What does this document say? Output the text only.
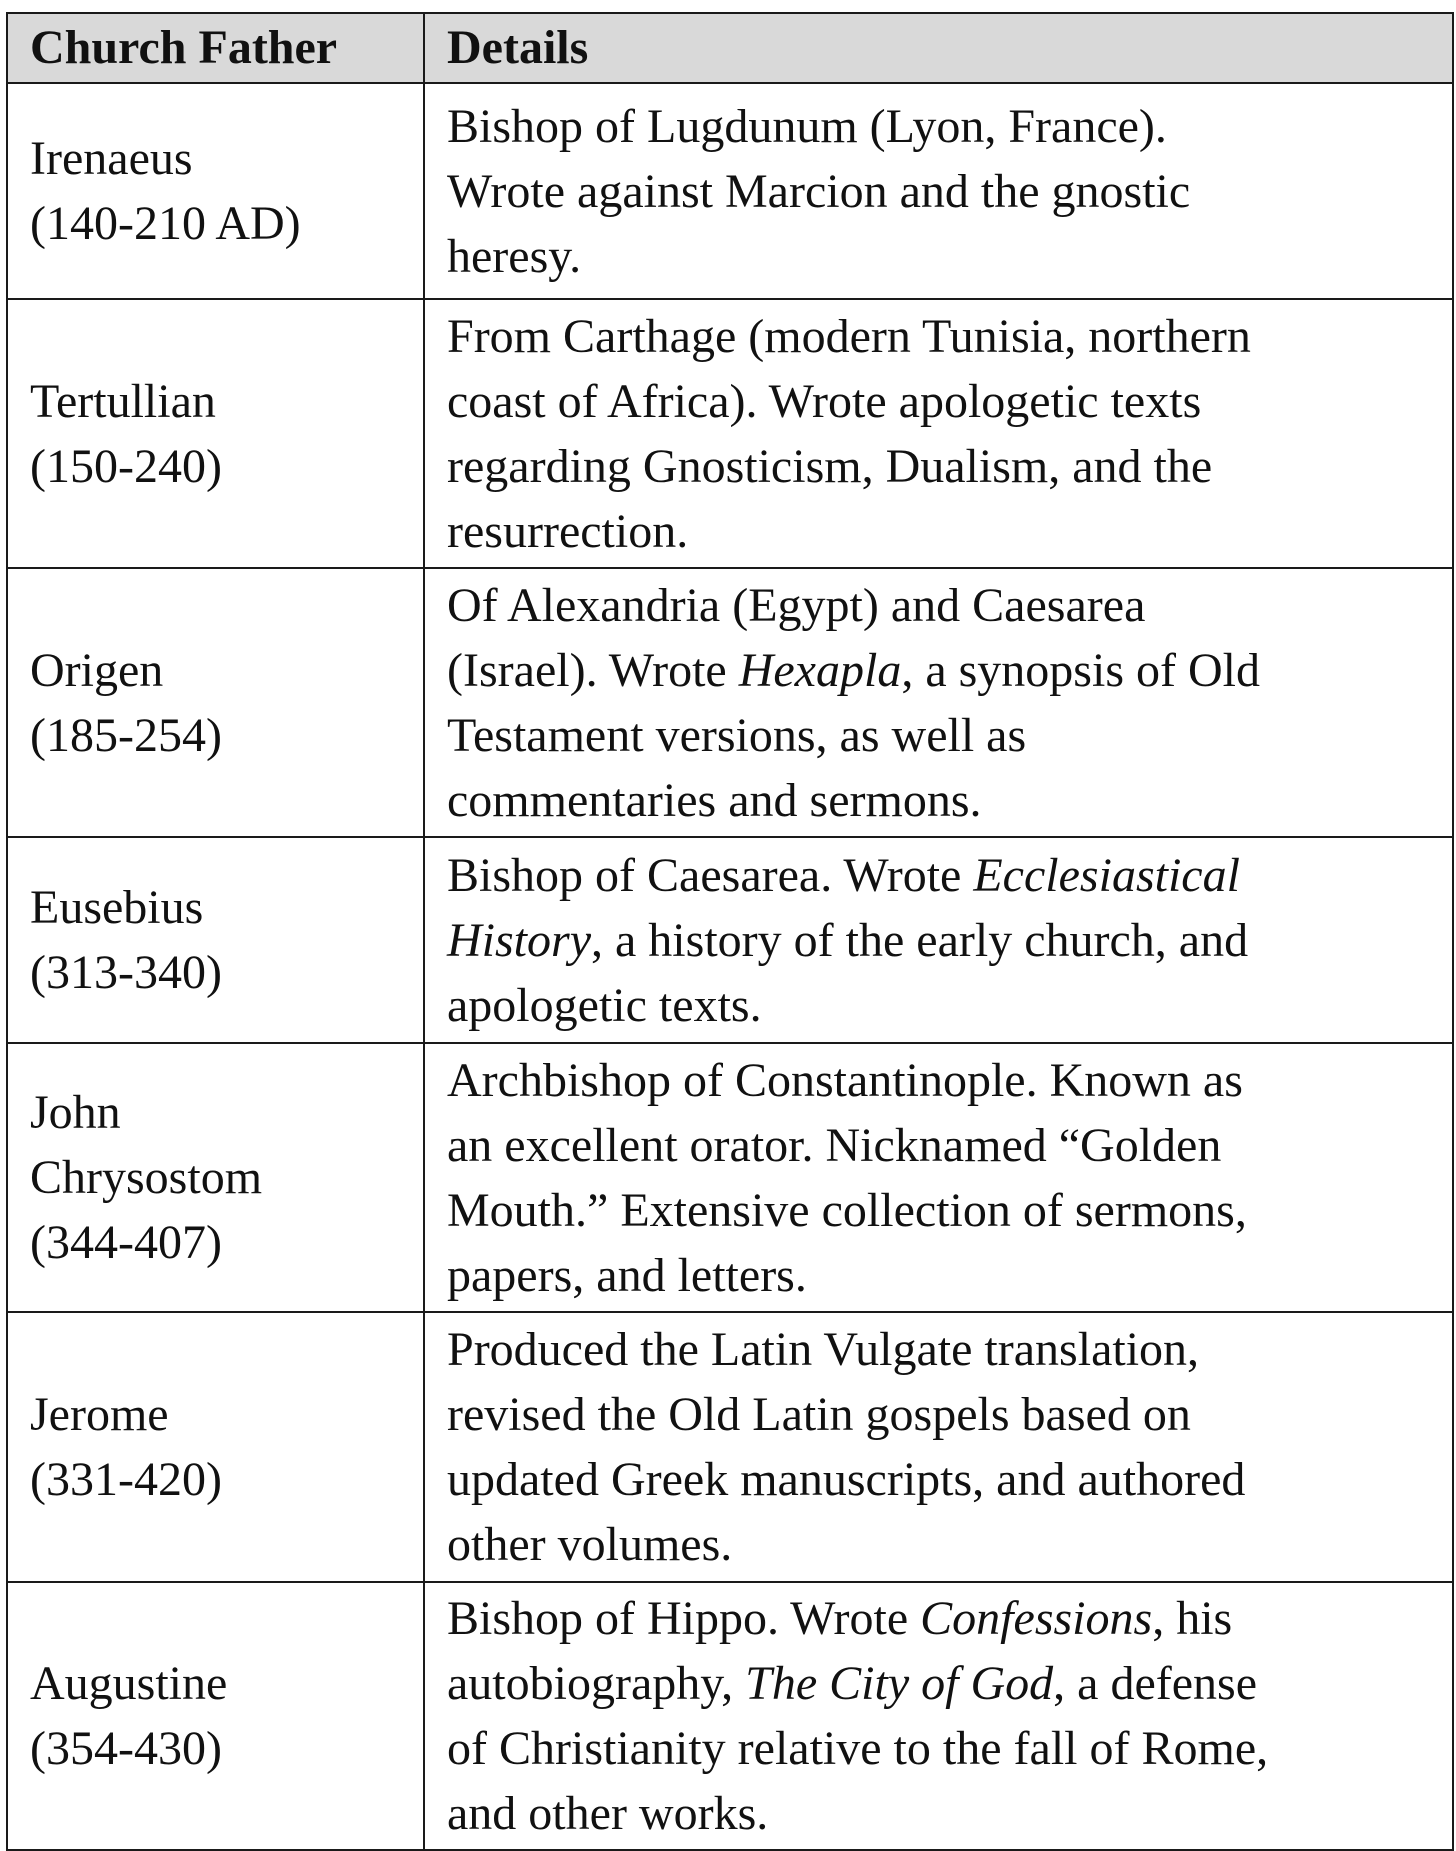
Church Father	Details

Irenaeus
(140-210 AD)	Bishop of Lugdunum (Lyon, France).
Wrote against Marcion and the gnostic
heresy.

Tertullian
(150-240)	From Carthage (modern Tunisia, northern
coast of Africa). Wrote apologetic texts
regarding Gnosticism, Dualism, and the
resurrection.

Origen
(185-254)	Of Alexandria (Egypt) and Caesarea
(Israel). Wrote Hexapla, a synopsis of Old
Testament versions, as well as
commentaries and sermons.

Eusebius
(313-340)	Bishop of Caesarea. Wrote Ecclesiastical
History, a history of the early church, and
apologetic texts.

John
Chrysostom
(344-407)	Archbishop of Constantinople. Known as
an excellent orator. Nicknamed “Golden
Mouth.” Extensive collection of sermons,
papers, and letters.

Jerome
(331-420)	Produced the Latin Vulgate translation,
revised the Old Latin gospels based on
updated Greek manuscripts, and authored
other volumes.

Augustine
(354-430)	Bishop of Hippo. Wrote Confessions, his
autobiography, The City of God, a defense
of Christianity relative to the fall of Rome,
and other works.
